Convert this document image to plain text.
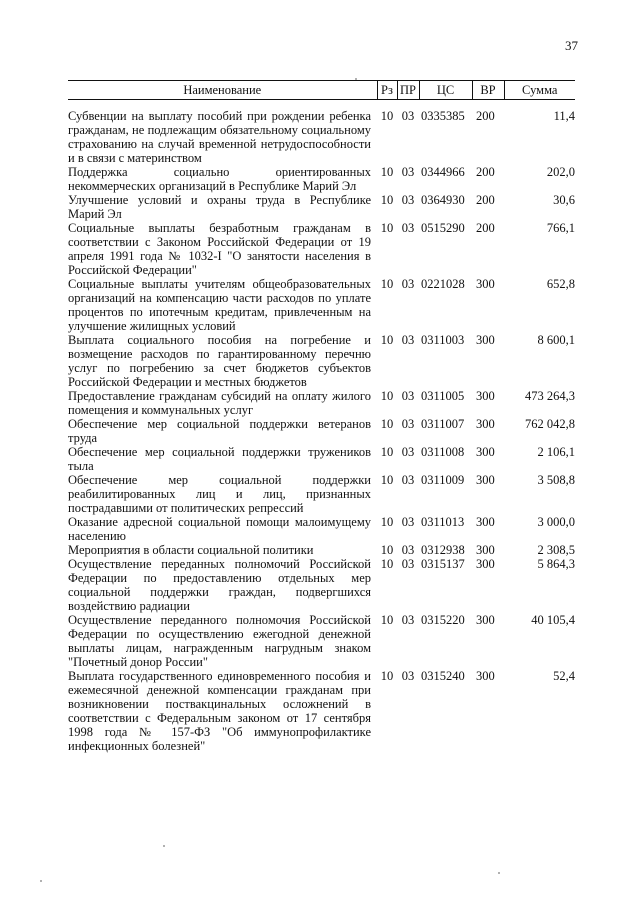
37
Наименование	Рз	ПР	ЦС	ВР	Сумма
Субвенции на выплату пособий при рождении ребенка гражданам, не подлежащим обязательному социальному страхованию на случай временной нетрудоспособности и в связи с материнством	10	03	0335385	200	11,4
Поддержка социально ориентированных некоммерческих организаций в Республике Марий Эл	10	03	0344966	200	202,0
Улучшение условий и охраны труда в Республике Марий Эл	10	03	0364930	200	30,6
Социальные выплаты безработным гражданам в соответствии с Законом Российской Федерации от 19 апреля 1991 года № 1032-I "О занятости населения в Российской Федерации"	10	03	0515290	200	766,1
Социальные выплаты учителям общеобразовательных организаций на компенсацию части расходов по уплате процентов по ипотечным кредитам, привлеченным на улучшение жилищных условий	10	03	0221028	300	652,8
Выплата социального пособия на погребение и возмещение расходов по гарантированному перечню услуг по погребению за счет бюджетов субъектов Российской Федерации и местных бюджетов	10	03	0311003	300	8 600,1
Предоставление гражданам субсидий на оплату жилого помещения и коммунальных услуг	10	03	0311005	300	473 264,3
Обеспечение мер социальной поддержки ветеранов труда	10	03	0311007	300	762 042,8
Обеспечение мер социальной поддержки тружеников тыла	10	03	0311008	300	2 106,1
Обеспечение мер социальной поддержки реабилитированных лиц и лиц, признанных пострадавшими от политических репрессий	10	03	0311009	300	3 508,8
Оказание адресной социальной помощи малоимущему населению	10	03	0311013	300	3 000,0
Мероприятия в области социальной политики	10	03	0312938	300	2 308,5
Осуществление переданных полномочий Российской Федерации по предоставлению отдельных мер социальной поддержки граждан, подвергшихся воздействию радиации	10	03	0315137	300	5 864,3
Осуществление переданного полномочия Российской Федерации по осуществлению ежегодной денежной выплаты лицам, награжденным нагрудным знаком "Почетный донор России"	10	03	0315220	300	40 105,4
Выплата государственного единовременного пособия и ежемесячной денежной компенсации гражданам при возникновении поствакцинальных осложнений в соответствии с Федеральным законом от 17 сентября 1998 года № 157-ФЗ "Об иммунопрофилактике инфекционных болезней"	10	03	0315240	300	52,4
